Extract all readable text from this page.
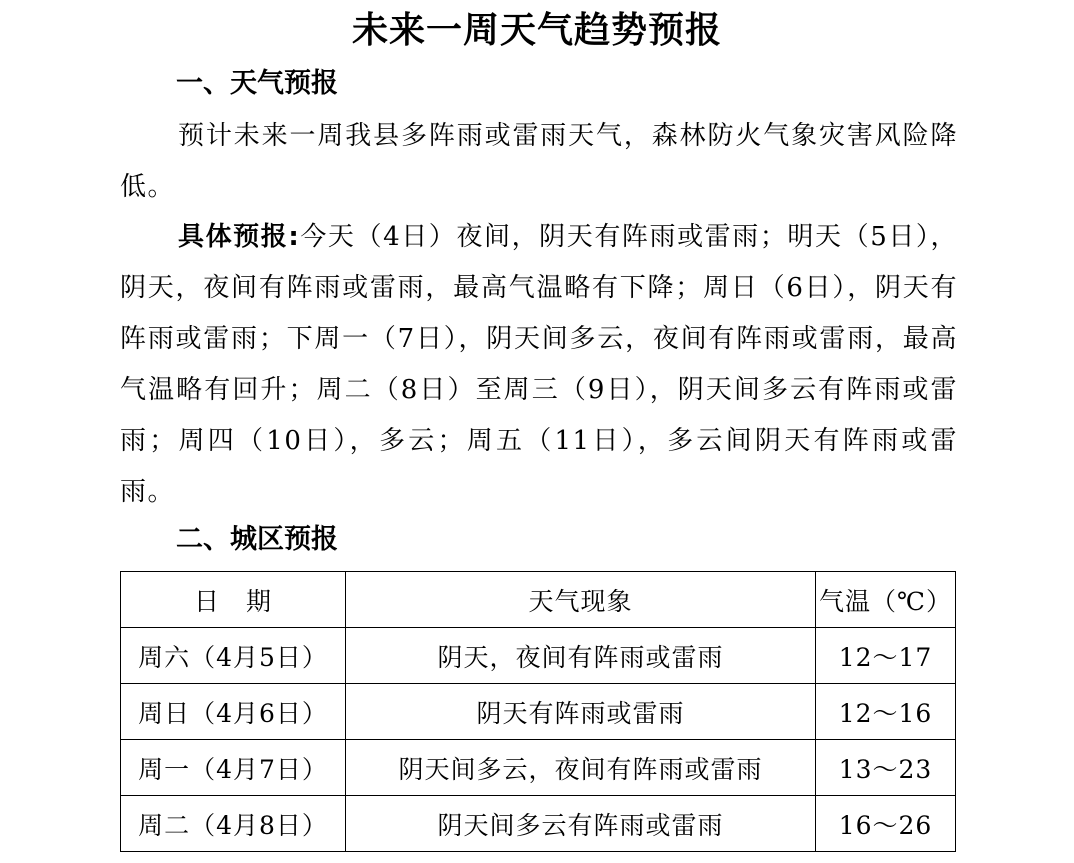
未来一周天气趋势预报
一、天气预报
预计未来一周我县多阵雨或雷雨天气，森林防火气象灾害风险降低。
具体预报:今天（4日）夜间，阴天有阵雨或雷雨；明天（5日），阴天，夜间有阵雨或雷雨，最高气温略有下降；周日（6日），阴天有阵雨或雷雨；下周一（7日），阴天间多云，夜间有阵雨或雷雨，最高气温略有回升；周二（8日）至周三（9日），阴天间多云有阵雨或雷雨；周四（10日），多云；周五（11日），多云间阴天有阵雨或雷雨。
二、城区预报
日　期	天气现象	气温（℃）
周六（4月5日）	阴天，夜间有阵雨或雷雨	12～17
周日（4月6日）	阴天有阵雨或雷雨	12～16
周一（4月7日）	阴天间多云，夜间有阵雨或雷雨	13～23
周二（4月8日）	阴天间多云有阵雨或雷雨	16～26
